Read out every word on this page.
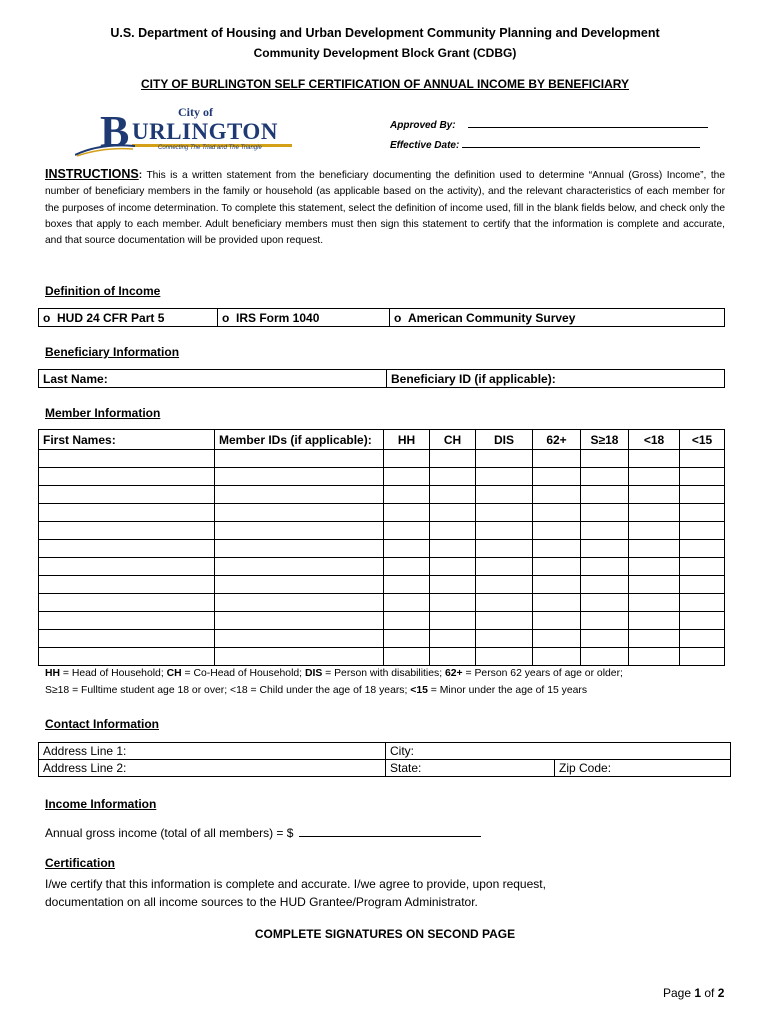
U.S. Department of Housing and Urban Development Community Planning and Development
Community Development Block Grant (CDBG)
CITY OF BURLINGTON SELF CERTIFICATION OF ANNUAL INCOME BY BENEFICIARY
City of
B URLINGTON
Connecting The Triad and The Triangle
Approved By:
Effective Date:
INSTRUCTIONS: This is a written statement from the beneficiary documenting the definition used to determine “Annual (Gross) Income”, the number of beneficiary members in the family or household (as applicable based on the activity), and the relevant characteristics of each member for the purposes of income determination. To complete this statement, select the definition of income used, fill in the blank fields below, and check only the boxes that apply to each member. Adult beneficiary members must then sign this statement to certify that the information is complete and accurate, and that source documentation will be provided upon request.
Definition of Income
o HUD 24 CFR Part 5	o IRS Form 1040	o American Community Survey
Beneficiary Information
Last Name:	Beneficiary ID (if applicable):
Member Information
First Names:	Member IDs (if applicable):	HH	CH	DIS	62+	S≥18	<18	<15

HH = Head of Household; CH = Co-Head of Household; DIS = Person with disabilities; 62+ = Person 62 years of age or older;
S≥18 = Fulltime student age 18 or over; <18 = Child under the age of 18 years; <15 = Minor under the age of 15 years
Contact Information
Address Line 1:	City:	
Address Line 2:	State:	Zip Code:
Income Information
Annual gross income (total of all members) = $
Certification
I/we certify that this information is complete and accurate. I/we agree to provide, upon request,
documentation on all income sources to the HUD Grantee/Program Administrator.
COMPLETE SIGNATURES ON SECOND PAGE
Page 1 of 2
